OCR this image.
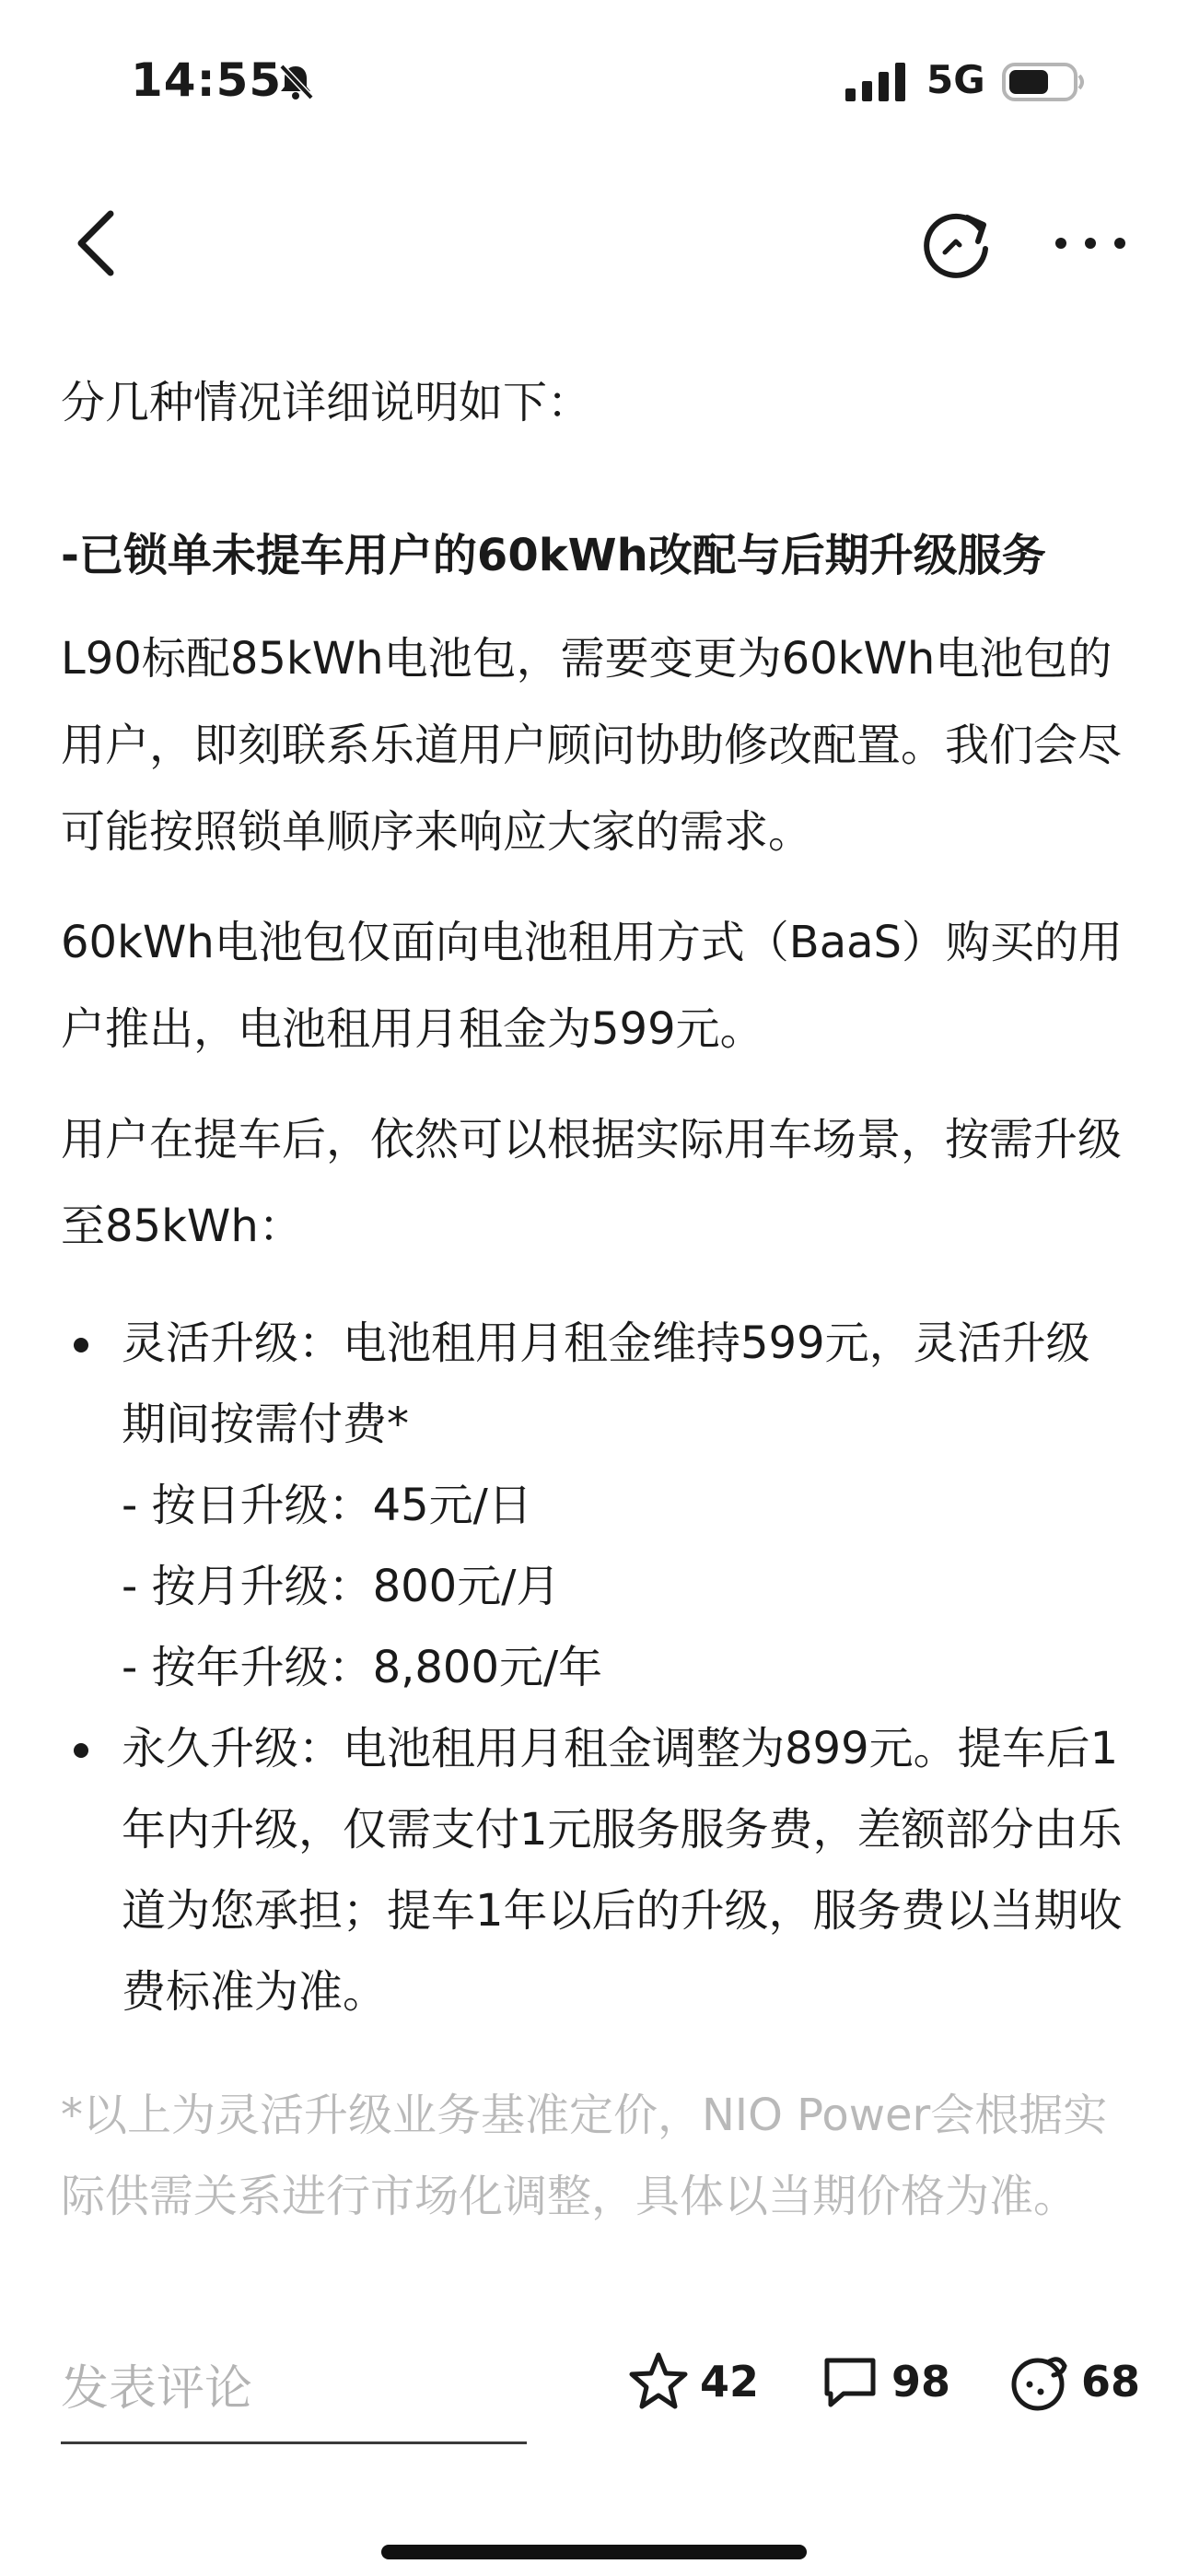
14:55	5G

分几种情况详细说明如下：

-已锁单未提车用户的60kWh改配与后期升级服务

L90标配85kWh电池包，需要变更为60kWh电池包的用户，即刻联系乐道用户顾问协助修改配置。我们会尽可能按照锁单顺序来响应大家的需求。

60kWh电池包仅面向电池租用方式（BaaS）购买的用户推出，电池租用月租金为599元。

用户在提车后，依然可以根据实际用车场景，按需升级至85kWh：

灵活升级：电池租用月租金维持599元，灵活升级期间按需付费*
- 按日升级：45元/日
- 按月升级：800元/月
- 按年升级：8,800元/年
永久升级：电池租用月租金调整为899元。提车后1年内升级，仅需支付1元服务服务费，差额部分由乐道为您承担；提车1年以后的升级，服务费以当期收费标准为准。

*以上为灵活升级业务基准定价，NIO Power会根据实际供需关系进行市场化调整，具体以当期价格为准。

发表评论	42	98	68
